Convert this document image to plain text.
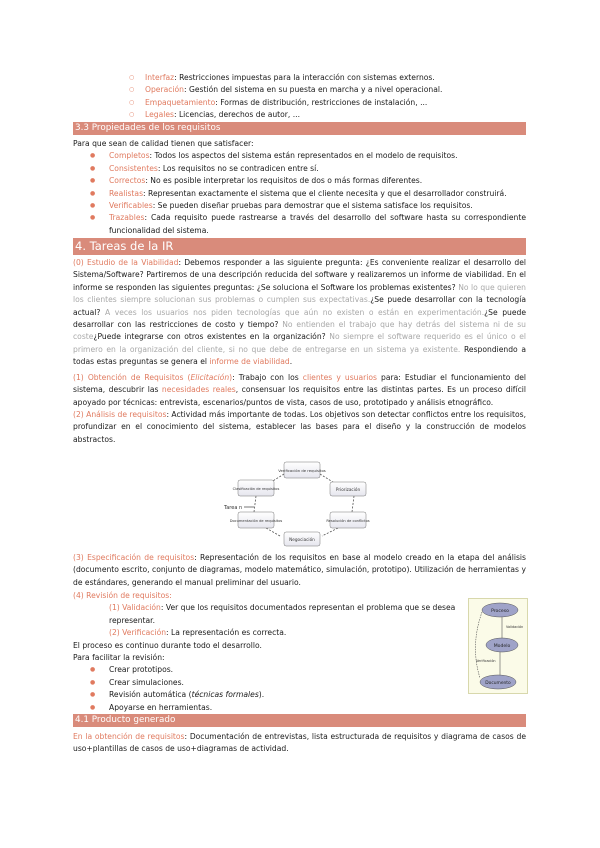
○ Interfaz: Restricciones impuestas para la interacción con sistemas externos.
○ Operación: Gestión del sistema en su puesta en marcha y a nivel operacional.
○ Empaquetamiento: Formas de distribución, restricciones de instalación, ...
○ Legales: Licencias, derechos de autor, ...
3.3 Propiedades de los requisitos
Para que sean de calidad tienen que satisfacer:
● Completos: Todos los aspectos del sistema están representados en el modelo de requisitos.
● Consistentes: Los requisitos no se contradicen entre sí.
● Correctos: No es posible interpretar los requisitos de dos o más formas diferentes.
● Realistas: Representan exactamente el sistema que el cliente necesita y que el desarrollador construirá.
● Verificables: Se pueden diseñar pruebas para demostrar que el sistema satisface los requisitos.
● Trazables: Cada requisito puede rastrearse a través del desarrollo del software hasta su correspondiente funcionalidad del sistema.
4. Tareas de la IR

(0) Estudio de la Viabilidad: Debemos responder a las siguiente pregunta: ¿Es conveniente realizar el desarrollo del Sistema/Software? Partiremos de una descripción reducida del software y realizaremos un informe de viabilidad. En el informe se responden las siguientes preguntas: ¿Se soluciona el Software los problemas existentes? No lo que quieren los clientes siempre solucionan sus problemas o cumplen sus expectativas.¿Se puede desarrollar con la tecnología actual? A veces los usuarios nos piden tecnologías que aún no existen o están en experimentación.¿Se puede desarrollar con las restricciones de costo y tiempo? No entienden el trabajo que hay detrás del sistema ni de su coste¿Puede integrarse con otros existentes en la organización? No siempre el software requerido es el único o el primero en la organización del cliente, si no que debe de entregarse en un sistema ya existente. Respondiendo a todas estas preguntas se genera el informe de viabilidad.

(1) Obtención de Requisitos (Elicitación): Trabajo con los clientes y usuarios para: Estudiar el funcionamiento del sistema, descubrir las necesidades reales, consensuar los requisitos entre las distintas partes. Es un proceso difícil apoyado por técnicas: entrevista, escenarios/puntos de vista, casos de uso, prototipado y análisis etnográfico.

(2) Análisis de requisitos: Actividad más importante de todas. Los objetivos son detectar conflictos entre los requisitos, profundizar en el conocimiento del sistema, establecer las bases para el diseño y la construcción de modelos abstractos.

Tarea n
Verificación de requisitos
Priorización
Resolución de conflictos
Negociación
Documentación de requisitos
Clasificación de requisitos

(3) Especificación de requisitos: Representación de los requisitos en base al modelo creado en la etapa del análisis (documento escrito, conjunto de diagramas, modelo matemático, simulación, prototipo). Utilización de herramientas y de estándares, generando el manual preliminar del usuario.

(4) Revisión de requisitos:
(1) Validación: Ver que los requisitos documentados representan el problema que se desea representar.
(2) Verificación: La representación es correcta.
El proceso es continuo durante todo el desarrollo.
Para facilitar la revisión:
● Crear prototipos.
● Crear simulaciones.
● Revisión automática (técnicas formales).
● Apoyarse en herramientas.
Proceso
Modelo
Documento
Validación
Verificación
4.1 Producto generado

En la obtención de requisitos: Documentación de entrevistas, lista estructurada de requisitos y diagrama de casos de uso+plantillas de casos de uso+diagramas de actividad.
